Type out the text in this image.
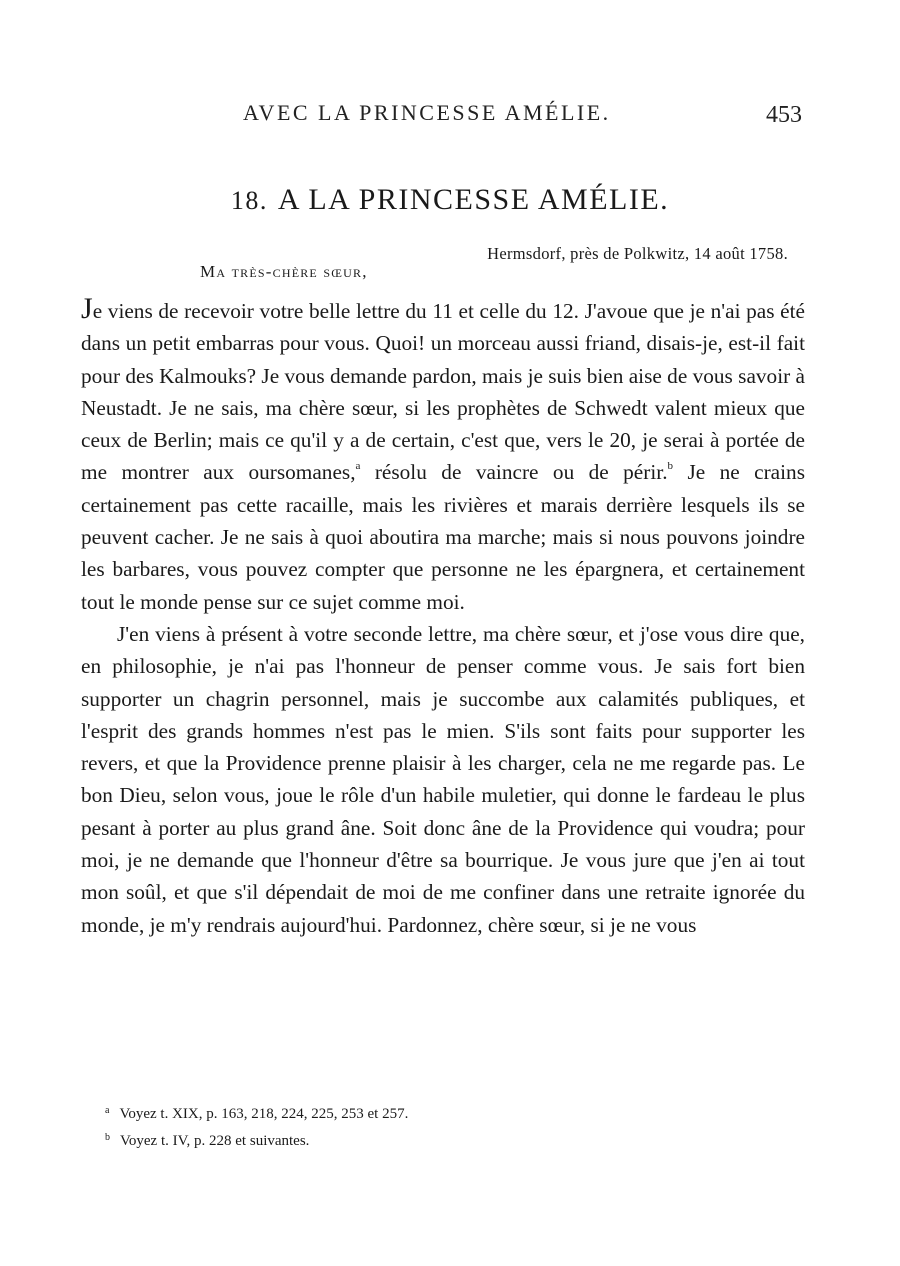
AVEC LA PRINCESSE AMÉLIE.	453
18. A LA PRINCESSE AMÉLIE.
Hermsdorf, près de Polkwitz, 14 août 1758.
Ma très-chère sœur,

Je viens de recevoir votre belle lettre du 11 et celle du 12. J'avoue que je n'ai pas été dans un petit embarras pour vous. Quoi! un morceau aussi friand, disais-je, est-il fait pour des Kalmouks? Je vous demande pardon, mais je suis bien aise de vous savoir à Neustadt. Je ne sais, ma chère sœur, si les prophètes de Schwedt valent mieux que ceux de Berlin; mais ce qu'il y a de certain, c'est que, vers le 20, je serai à portée de me montrer aux oursomanes,$^a$ résolu de vaincre ou de périr.$^b$ Je ne crains certainement pas cette racaille, mais les rivières et marais derrière lesquels ils se peuvent cacher. Je ne sais à quoi aboutira ma marche; mais si nous pouvons joindre les barbares, vous pouvez compter que personne ne les épargnera, et certainement tout le monde pense sur ce sujet comme moi.

J'en viens à présent à votre seconde lettre, ma chère sœur, et j'ose vous dire que, en philosophie, je n'ai pas l'honneur de penser comme vous. Je sais fort bien supporter un chagrin personnel, mais je succombe aux calamités publiques, et l'esprit des grands hommes n'est pas le mien. S'ils sont faits pour supporter les revers, et que la Providence prenne plaisir à les charger, cela ne me regarde pas. Le bon Dieu, selon vous, joue le rôle d'un habile muletier, qui donne le fardeau le plus pesant à porter au plus grand âne. Soit donc âne de la Providence qui voudra; pour moi, je ne demande que l'honneur d'être sa bourrique. Je vous jure que j'en ai tout mon soûl, et que s'il dépendait de moi de me confiner dans une retraite ignorée du monde, je m'y rendrais aujourd'hui. Pardonnez, chère sœur, si je ne vous

$^a$ Voyez t. XIX, p. 163, 218, 224, 225, 253 et 257.
$^b$ Voyez t. IV, p. 228 et suivantes.
